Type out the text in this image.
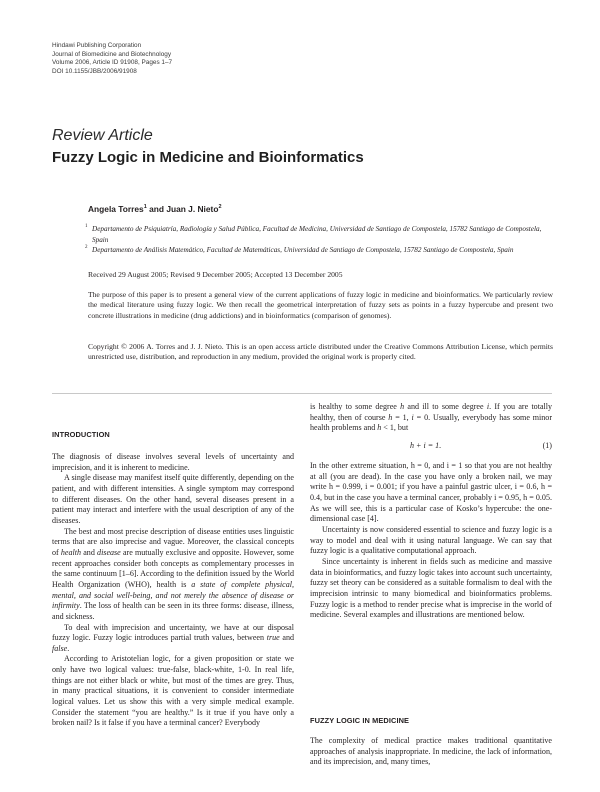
Hindawi Publishing Corporation
Journal of Biomedicine and Biotechnology
Volume 2006, Article ID 91908, Pages 1–7
DOI 10.1155/JBB/2006/91908
Review Article
Fuzzy Logic in Medicine and Bioinformatics
Angela Torres$^1$ and Juan J. Nieto$^2$
1 Departamento de Psiquiatría, Radiología y Salud Pública, Facultad de Medicina, Universidad de Santiago de Compostela, 15782 Santiago de Compostela, Spain
2 Departamento de Análisis Matemático, Facultad de Matemáticas, Universidad de Santiago de Compostela, 15782 Santiago de Compostela, Spain
Received 29 August 2005; Revised 9 December 2005; Accepted 13 December 2005
The purpose of this paper is to present a general view of the current applications of fuzzy logic in medicine and bioinformatics. We particularly review the medical literature using fuzzy logic. We then recall the geometrical interpretation of fuzzy sets as points in a fuzzy hypercube and present two concrete illustrations in medicine (drug addictions) and in bioinformatics (comparison of genomes).
Copyright © 2006 A. Torres and J. J. Nieto. This is an open access article distributed under the Creative Commons Attribution License, which permits unrestricted use, distribution, and reproduction in any medium, provided the original work is properly cited.
INTRODUCTION

The diagnosis of disease involves several levels of uncertainty and imprecision, and it is inherent to medicine.

A single disease may manifest itself quite differently, depending on the patient, and with different intensities. A single symptom may correspond to different diseases. On the other hand, several diseases present in a patient may interact and interfere with the usual description of any of the diseases.

The best and most precise description of disease entities uses linguistic terms that are also imprecise and vague. Moreover, the classical concepts of health and disease are mutually exclusive and opposite. However, some recent approaches consider both concepts as complementary processes in the same continuum [1–6]. According to the definition issued by the World Health Organization (WHO), health is a state of complete physical, mental, and social well-being, and not merely the absence of disease or infirmity. The loss of health can be seen in its three forms: disease, illness, and sickness.

To deal with imprecision and uncertainty, we have at our disposal fuzzy logic. Fuzzy logic introduces partial truth values, between true and false.

According to Aristotelian logic, for a given proposition or state we only have two logical values: true-false, black-white, 1-0. In real life, things are not either black or white, but most of the times are grey. Thus, in many practical situations, it is convenient to consider intermediate logical values. Let us show this with a very simple medical example. Consider the statement “you are healthy.” Is it true if you have only a broken nail? Is it false if you have a terminal cancer? Everybody

is healthy to some degree h and ill to some degree i. If you are totally healthy, then of course h = 1, i = 0. Usually, everybody has some minor health problems and h < 1, but

h + i = 1.	(1)

In the other extreme situation, h = 0, and i = 1 so that you are not healthy at all (you are dead). In the case you have only a broken nail, we may write h = 0.999, i = 0.001; if you have a painful gastric ulcer, i = 0.6, h = 0.4, but in the case you have a terminal cancer, probably i = 0.95, h = 0.05. As we will see, this is a particular case of Kosko’s hypercube: the one-dimensional case [4].

Uncertainty is now considered essential to science and fuzzy logic is a way to model and deal with it using natural language. We can say that fuzzy logic is a qualitative computational approach.

Since uncertainty is inherent in fields such as medicine and massive data in bioinformatics, and fuzzy logic takes into account such uncertainty, fuzzy set theory can be considered as a suitable formalism to deal with the imprecision intrinsic to many biomedical and bioinformatics problems. Fuzzy logic is a method to render precise what is imprecise in the world of medicine. Several examples and illustrations are mentioned below.

FUZZY LOGIC IN MEDICINE

The complexity of medical practice makes traditional quantitative approaches of analysis inappropriate. In medicine, the lack of information, and its imprecision, and, many times,
